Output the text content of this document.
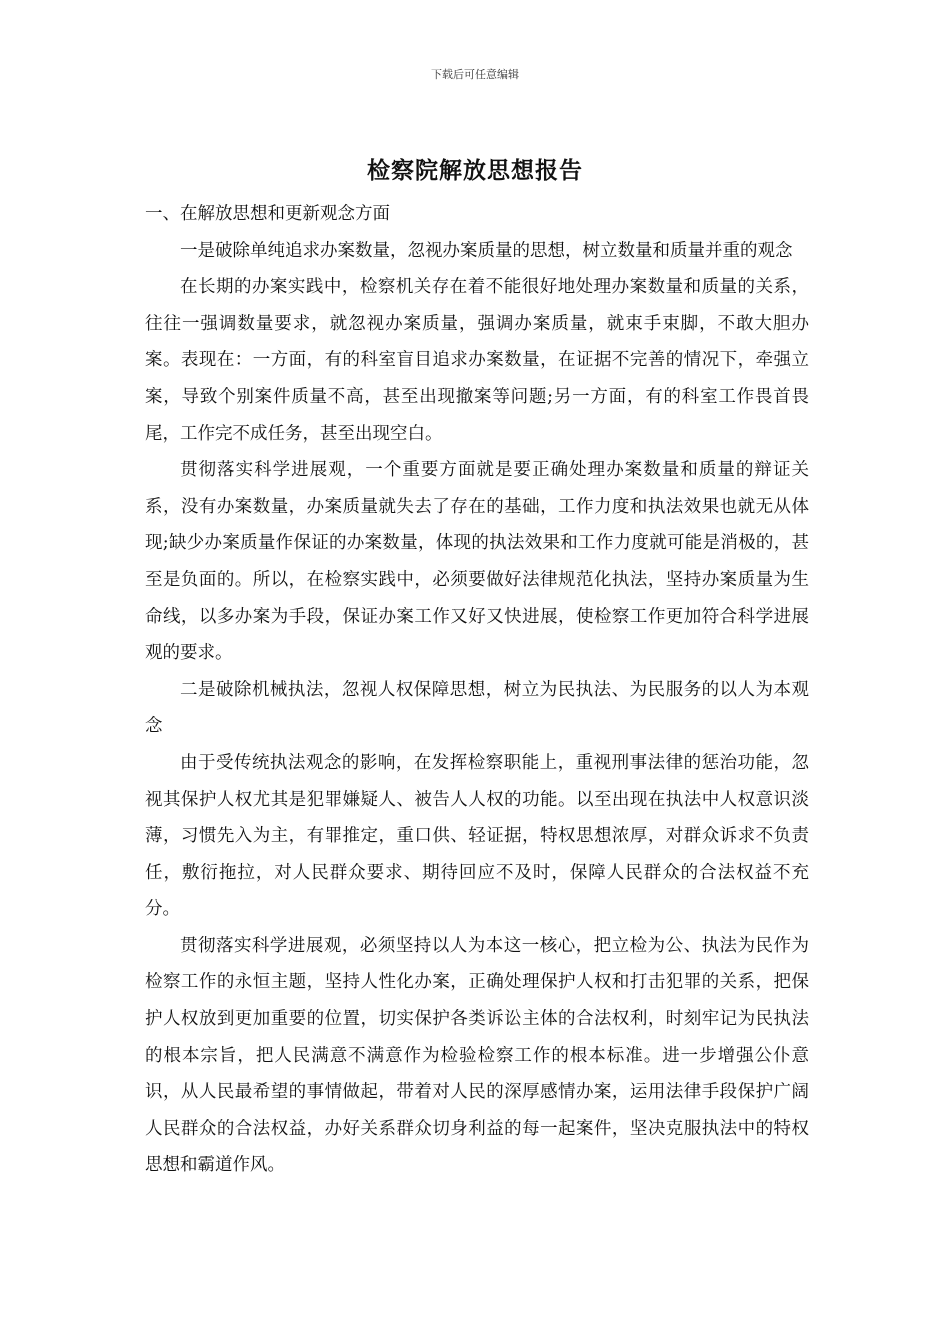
下载后可任意编辑
检察院解放思想报告

一、在解放思想和更新观念方面

一是破除单纯追求办案数量，忽视办案质量的思想，树立数量和质量并重的观念

在长期的办案实践中，检察机关存在着不能很好地处理办案数量和质量的关系，往往一强调数量要求，就忽视办案质量，强调办案质量，就束手束脚，不敢大胆办案。表现在：一方面，有的科室盲目追求办案数量，在证据不完善的情况下，牵强立案，导致个别案件质量不高，甚至出现撤案等问题;另一方面，有的科室工作畏首畏尾，工作完不成任务，甚至出现空白。

贯彻落实科学进展观，一个重要方面就是要正确处理办案数量和质量的辩证关系，没有办案数量，办案质量就失去了存在的基础，工作力度和执法效果也就无从体现;缺少办案质量作保证的办案数量，体现的执法效果和工作力度就可能是消极的，甚至是负面的。所以，在检察实践中，必须要做好法律规范化执法，坚持办案质量为生命线，以多办案为手段，保证办案工作又好又快进展，使检察工作更加符合科学进展观的要求。

二是破除机械执法，忽视人权保障思想，树立为民执法、为民服务的以人为本观念

由于受传统执法观念的影响，在发挥检察职能上，重视刑事法律的惩治功能，忽视其保护人权尤其是犯罪嫌疑人、被告人人权的功能。以至出现在执法中人权意识淡薄，习惯先入为主，有罪推定，重口供、轻证据，特权思想浓厚，对群众诉求不负责任，敷衍拖拉，对人民群众要求、期待回应不及时，保障人民群众的合法权益不充分。

贯彻落实科学进展观，必须坚持以人为本这一核心，把立检为公、执法为民作为检察工作的永恒主题，坚持人性化办案，正确处理保护人权和打击犯罪的关系，把保护人权放到更加重要的位置，切实保护各类诉讼主体的合法权利，时刻牢记为民执法的根本宗旨，把人民满意不满意作为检验检察工作的根本标准。进一步增强公仆意识，从人民最希望的事情做起，带着对人民的深厚感情办案，运用法律手段保护广阔人民群众的合法权益，办好关系群众切身利益的每一起案件，坚决克服执法中的特权思想和霸道作风。
